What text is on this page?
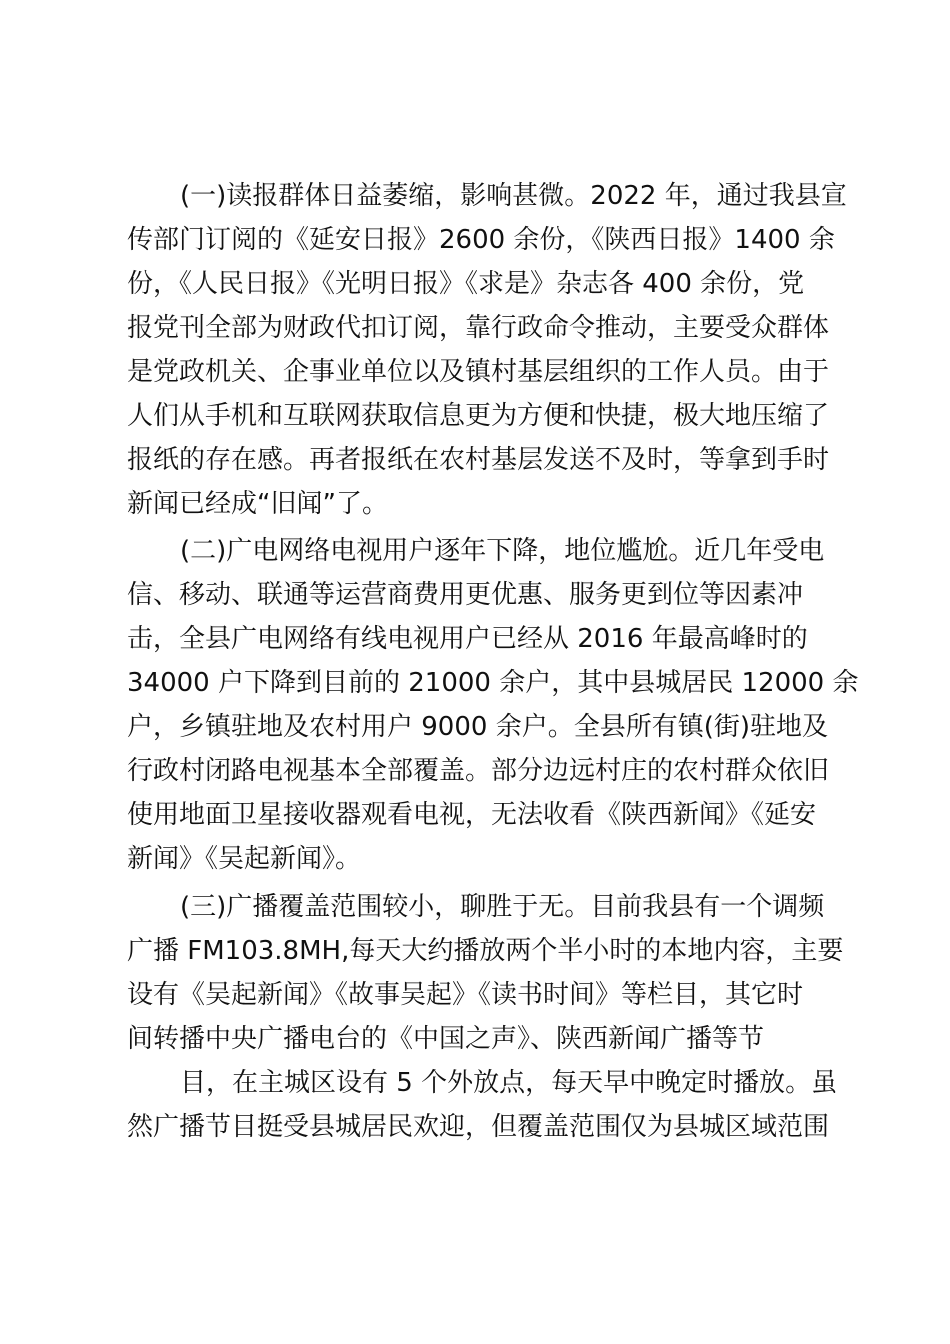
(一)读报群体日益萎缩，影响甚微。2022 年，通过我县宣

传部门订阅的《延安日报》2600 余份，《陕西日报》1400 余

份，《人民日报》《光明日报》《求是》杂志各 400 余份，党

报党刊全部为财政代扣订阅，靠行政命令推动，主要受众群体

是党政机关、企事业单位以及镇村基层组织的工作人员。由于

人们从手机和互联网获取信息更为方便和快捷，极大地压缩了

报纸的存在感。再者报纸在农村基层发送不及时，等拿到手时

新闻已经成“旧闻”了。

(二)广电网络电视用户逐年下降，地位尴尬。近几年受电

信、移动、联通等运营商费用更优惠、服务更到位等因素冲

击，全县广电网络有线电视用户已经从 2016 年最高峰时的

34000 户下降到目前的 21000 余户，其中县城居民 12000 余

户，乡镇驻地及农村用户 9000 余户。全县所有镇(街)驻地及

行政村闭路电视基本全部覆盖。部分边远村庄的农村群众依旧

使用地面卫星接收器观看电视，无法收看《陕西新闻》《延安

新闻》《吴起新闻》。

(三)广播覆盖范围较小，聊胜于无。目前我县有一个调频

广播 FM103.8MH,每天大约播放两个半小时的本地内容，主要

设有《吴起新闻》《故事吴起》《读书时间》等栏目，其它时

间转播中央广播电台的《中国之声》、陕西新闻广播等节

目，在主城区设有 5 个外放点，每天早中晚定时播放。虽

然广播节目挺受县城居民欢迎，但覆盖范围仅为县城区域范围
